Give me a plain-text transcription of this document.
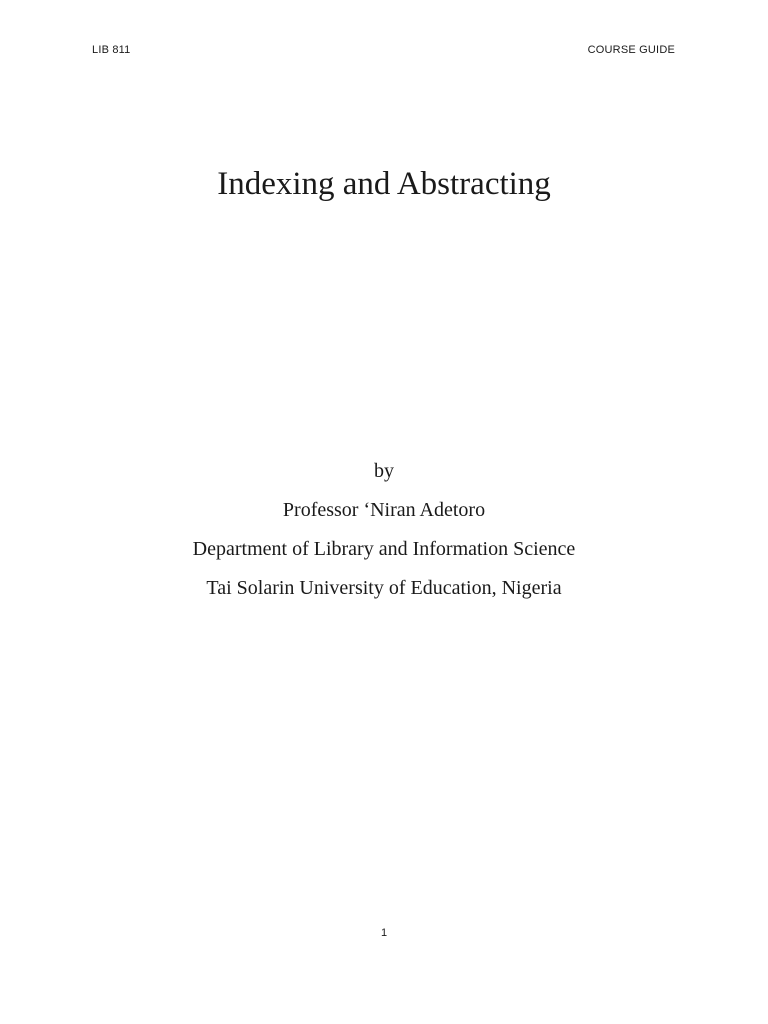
LIB 811	COURSE GUIDE
Indexing and Abstracting
by
Professor ‘Niran Adetoro
Department of Library and Information Science
Tai Solarin University of Education, Nigeria
1
